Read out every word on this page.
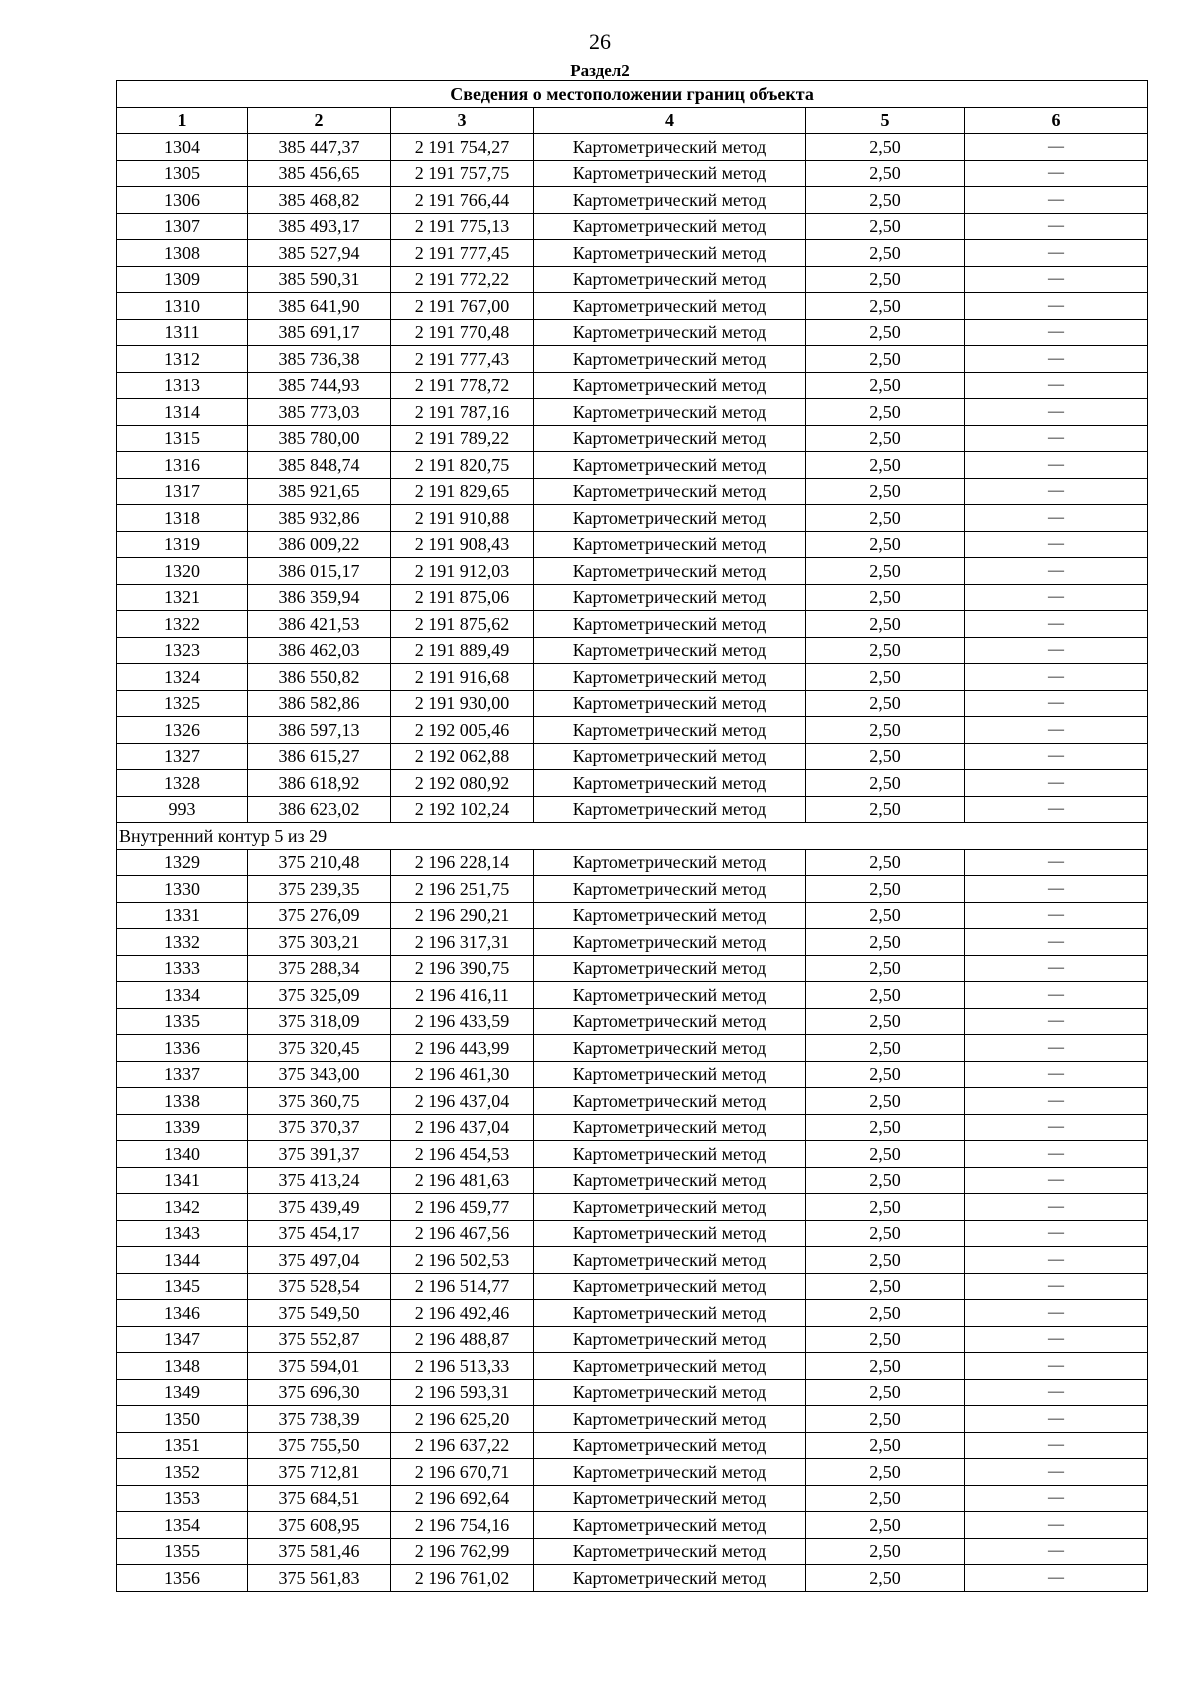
26
Раздел2
Сведения о местоположении границ объекта					
1	2	3	4	5	6
1304	385 447,37	2 191 754,27	Картометрический метод	2,50	—
1305	385 456,65	2 191 757,75	Картометрический метод	2,50	—
1306	385 468,82	2 191 766,44	Картометрический метод	2,50	—
1307	385 493,17	2 191 775,13	Картометрический метод	2,50	—
1308	385 527,94	2 191 777,45	Картометрический метод	2,50	—
1309	385 590,31	2 191 772,22	Картометрический метод	2,50	—
1310	385 641,90	2 191 767,00	Картометрический метод	2,50	—
1311	385 691,17	2 191 770,48	Картометрический метод	2,50	—
1312	385 736,38	2 191 777,43	Картометрический метод	2,50	—
1313	385 744,93	2 191 778,72	Картометрический метод	2,50	—
1314	385 773,03	2 191 787,16	Картометрический метод	2,50	—
1315	385 780,00	2 191 789,22	Картометрический метод	2,50	—
1316	385 848,74	2 191 820,75	Картометрический метод	2,50	—
1317	385 921,65	2 191 829,65	Картометрический метод	2,50	—
1318	385 932,86	2 191 910,88	Картометрический метод	2,50	—
1319	386 009,22	2 191 908,43	Картометрический метод	2,50	—
1320	386 015,17	2 191 912,03	Картометрический метод	2,50	—
1321	386 359,94	2 191 875,06	Картометрический метод	2,50	—
1322	386 421,53	2 191 875,62	Картометрический метод	2,50	—
1323	386 462,03	2 191 889,49	Картометрический метод	2,50	—
1324	386 550,82	2 191 916,68	Картометрический метод	2,50	—
1325	386 582,86	2 191 930,00	Картометрический метод	2,50	—
1326	386 597,13	2 192 005,46	Картометрический метод	2,50	—
1327	386 615,27	2 192 062,88	Картометрический метод	2,50	—
1328	386 618,92	2 192 080,92	Картометрический метод	2,50	—
993	386 623,02	2 192 102,24	Картометрический метод	2,50	—
Внутренний контур 5 из 29					
1329	375 210,48	2 196 228,14	Картометрический метод	2,50	—
1330	375 239,35	2 196 251,75	Картометрический метод	2,50	—
1331	375 276,09	2 196 290,21	Картометрический метод	2,50	—
1332	375 303,21	2 196 317,31	Картометрический метод	2,50	—
1333	375 288,34	2 196 390,75	Картометрический метод	2,50	—
1334	375 325,09	2 196 416,11	Картометрический метод	2,50	—
1335	375 318,09	2 196 433,59	Картометрический метод	2,50	—
1336	375 320,45	2 196 443,99	Картометрический метод	2,50	—
1337	375 343,00	2 196 461,30	Картометрический метод	2,50	—
1338	375 360,75	2 196 437,04	Картометрический метод	2,50	—
1339	375 370,37	2 196 437,04	Картометрический метод	2,50	—
1340	375 391,37	2 196 454,53	Картометрический метод	2,50	—
1341	375 413,24	2 196 481,63	Картометрический метод	2,50	—
1342	375 439,49	2 196 459,77	Картометрический метод	2,50	—
1343	375 454,17	2 196 467,56	Картометрический метод	2,50	—
1344	375 497,04	2 196 502,53	Картометрический метод	2,50	—
1345	375 528,54	2 196 514,77	Картометрический метод	2,50	—
1346	375 549,50	2 196 492,46	Картометрический метод	2,50	—
1347	375 552,87	2 196 488,87	Картометрический метод	2,50	—
1348	375 594,01	2 196 513,33	Картометрический метод	2,50	—
1349	375 696,30	2 196 593,31	Картометрический метод	2,50	—
1350	375 738,39	2 196 625,20	Картометрический метод	2,50	—
1351	375 755,50	2 196 637,22	Картометрический метод	2,50	—
1352	375 712,81	2 196 670,71	Картометрический метод	2,50	—
1353	375 684,51	2 196 692,64	Картометрический метод	2,50	—
1354	375 608,95	2 196 754,16	Картометрический метод	2,50	—
1355	375 581,46	2 196 762,99	Картометрический метод	2,50	—
1356	375 561,83	2 196 761,02	Картометрический метод	2,50	—
